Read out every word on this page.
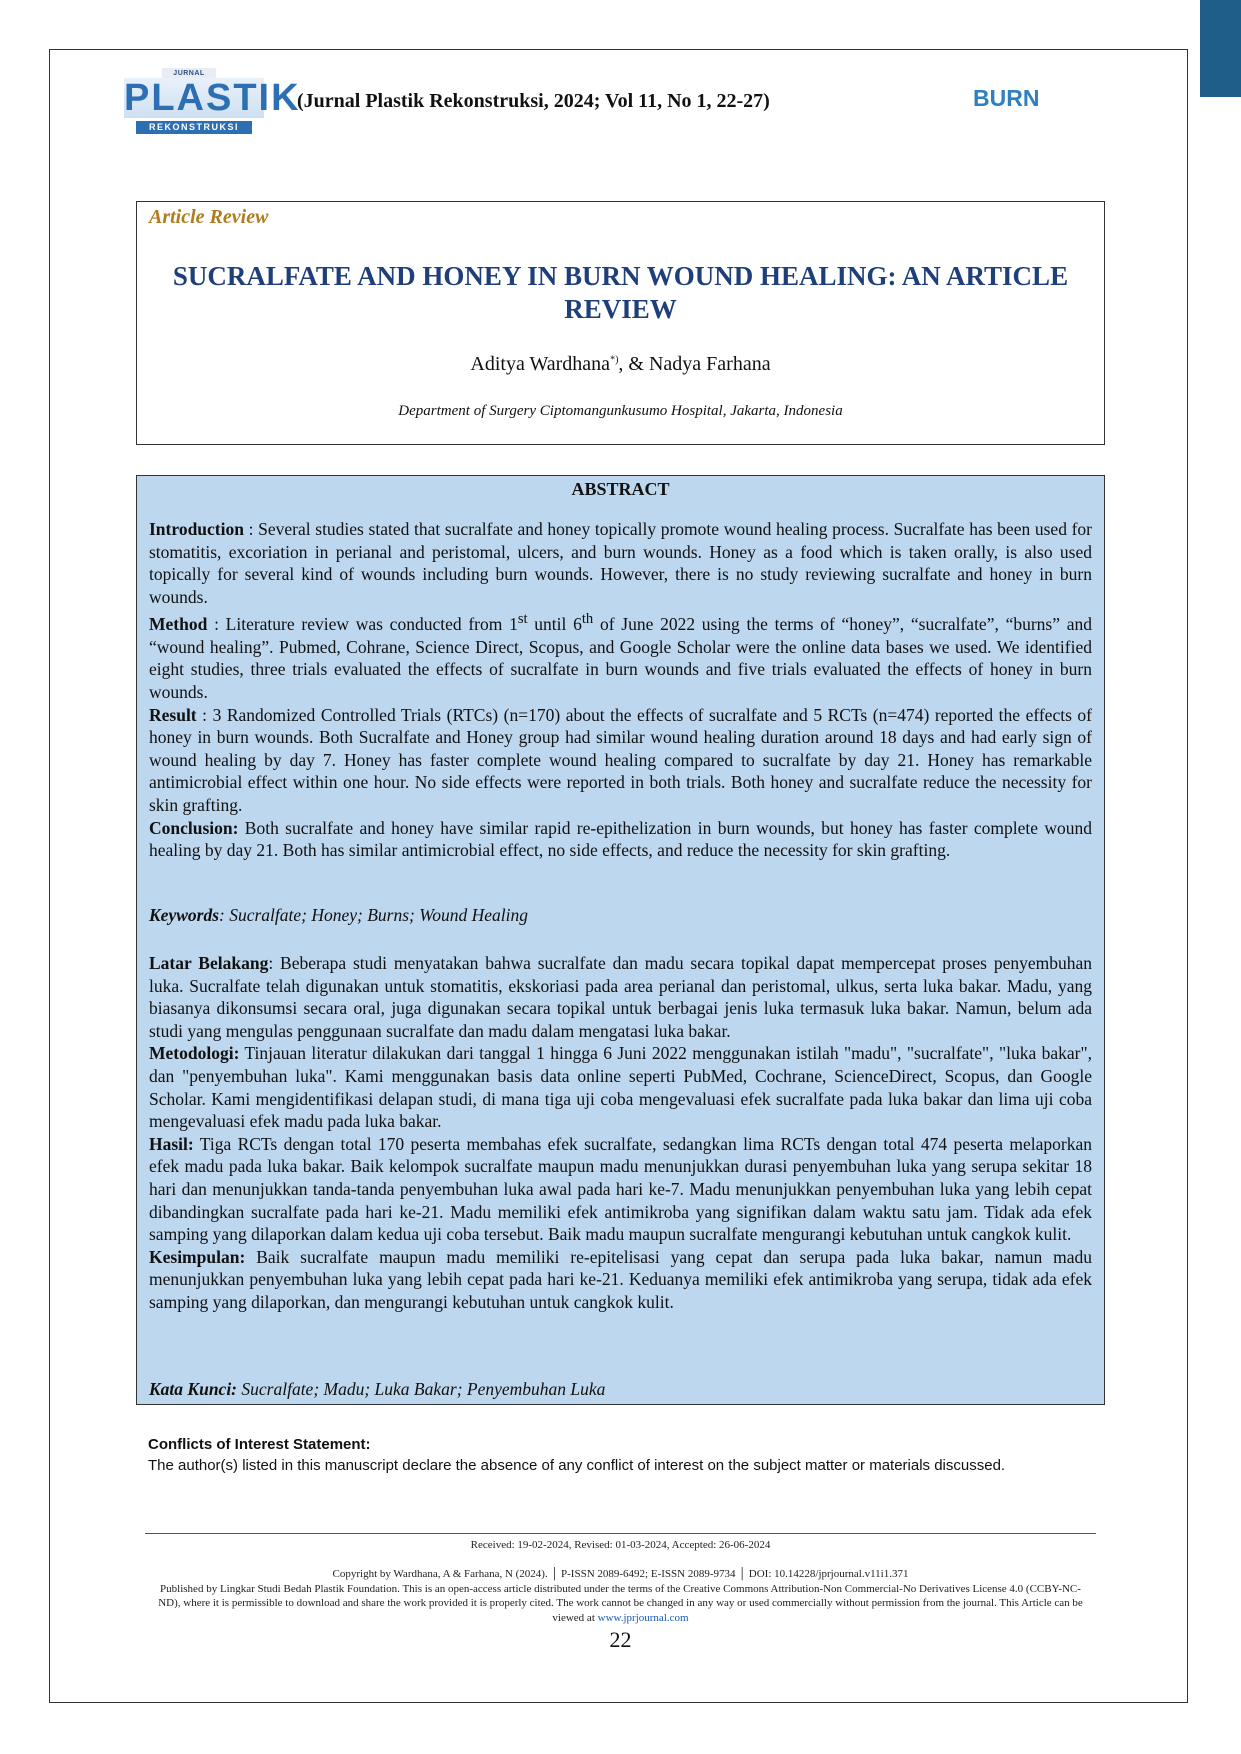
JURNAL
PLASTIK
REKONSTRUKSI
(Jurnal Plastik Rekonstruksi, 2024; Vol 11, No 1, 22-27)	BURN
Article Review
SUCRALFATE AND HONEY IN BURN WOUND HEALING: AN ARTICLE REVIEW
Aditya Wardhana*), & Nadya Farhana
Department of Surgery Ciptomangunkusumo Hospital, Jakarta, Indonesia
ABSTRACT
Introduction : Several studies stated that sucralfate and honey topically promote wound healing process. Sucralfate has been used for stomatitis, excoriation in perianal and peristomal, ulcers, and burn wounds. Honey as a food which is taken orally, is also used topically for several kind of wounds including burn wounds. However, there is no study reviewing sucralfate and honey in burn wounds.
Method : Literature review was conducted from 1st until 6th of June 2022 using the terms of “honey”, “sucralfate”, “burns” and “wound healing”. Pubmed, Cohrane, Science Direct, Scopus, and Google Scholar were the online data bases we used. We identified eight studies, three trials evaluated the effects of sucralfate in burn wounds and five trials evaluated the effects of honey in burn wounds.
Result : 3 Randomized Controlled Trials (RTCs) (n=170) about the effects of sucralfate and 5 RCTs (n=474) reported the effects of honey in burn wounds. Both Sucralfate and Honey group had similar wound healing duration around 18 days and had early sign of wound healing by day 7. Honey has faster complete wound healing compared to sucralfate by day 21. Honey has remarkable antimicrobial effect within one hour. No side effects were reported in both trials. Both honey and sucralfate reduce the necessity for skin grafting.
Conclusion: Both sucralfate and honey have similar rapid re-epithelization in burn wounds, but honey has faster complete wound healing by day 21. Both has similar antimicrobial effect, no side effects, and reduce the necessity for skin grafting.
Keywords: Sucralfate; Honey; Burns; Wound Healing
Latar Belakang: Beberapa studi menyatakan bahwa sucralfate dan madu secara topikal dapat mempercepat proses penyembuhan luka. Sucralfate telah digunakan untuk stomatitis, ekskoriasi pada area perianal dan peristomal, ulkus, serta luka bakar. Madu, yang biasanya dikonsumsi secara oral, juga digunakan secara topikal untuk berbagai jenis luka termasuk luka bakar. Namun, belum ada studi yang mengulas penggunaan sucralfate dan madu dalam mengatasi luka bakar.
Metodologi: Tinjauan literatur dilakukan dari tanggal 1 hingga 6 Juni 2022 menggunakan istilah "madu", "sucralfate", "luka bakar", dan "penyembuhan luka". Kami menggunakan basis data online seperti PubMed, Cochrane, ScienceDirect, Scopus, dan Google Scholar. Kami mengidentifikasi delapan studi, di mana tiga uji coba mengevaluasi efek sucralfate pada luka bakar dan lima uji coba mengevaluasi efek madu pada luka bakar.
Hasil: Tiga RCTs dengan total 170 peserta membahas efek sucralfate, sedangkan lima RCTs dengan total 474 peserta melaporkan efek madu pada luka bakar. Baik kelompok sucralfate maupun madu menunjukkan durasi penyembuhan luka yang serupa sekitar 18 hari dan menunjukkan tanda-tanda penyembuhan luka awal pada hari ke-7. Madu menunjukkan penyembuhan luka yang lebih cepat dibandingkan sucralfate pada hari ke-21. Madu memiliki efek antimikroba yang signifikan dalam waktu satu jam. Tidak ada efek samping yang dilaporkan dalam kedua uji coba tersebut. Baik madu maupun sucralfate mengurangi kebutuhan untuk cangkok kulit.
Kesimpulan: Baik sucralfate maupun madu memiliki re-epitelisasi yang cepat dan serupa pada luka bakar, namun madu menunjukkan penyembuhan luka yang lebih cepat pada hari ke-21. Keduanya memiliki efek antimikroba yang serupa, tidak ada efek samping yang dilaporkan, dan mengurangi kebutuhan untuk cangkok kulit.
Kata Kunci: Sucralfate; Madu; Luka Bakar; Penyembuhan Luka
Conflicts of Interest Statement:
The author(s) listed in this manuscript declare the absence of any conflict of interest on the subject matter or materials discussed.
Received: 19-02-2024, Revised: 01-03-2024, Accepted: 26-06-2024
Copyright by Wardhana, A & Farhana, N (2024). │ P-ISSN 2089-6492; E-ISSN 2089-9734 │ DOI: 10.14228/jprjournal.v11i1.371
Published by Lingkar Studi Bedah Plastik Foundation. This is an open-access article distributed under the terms of the Creative Commons Attribution-Non Commercial-No Derivatives License 4.0 (CCBY-NC-ND), where it is permissible to download and share the work provided it is properly cited. The work cannot be changed in any way or used commercially without permission from the journal. This Article can be viewed at www.jprjournal.com
22
